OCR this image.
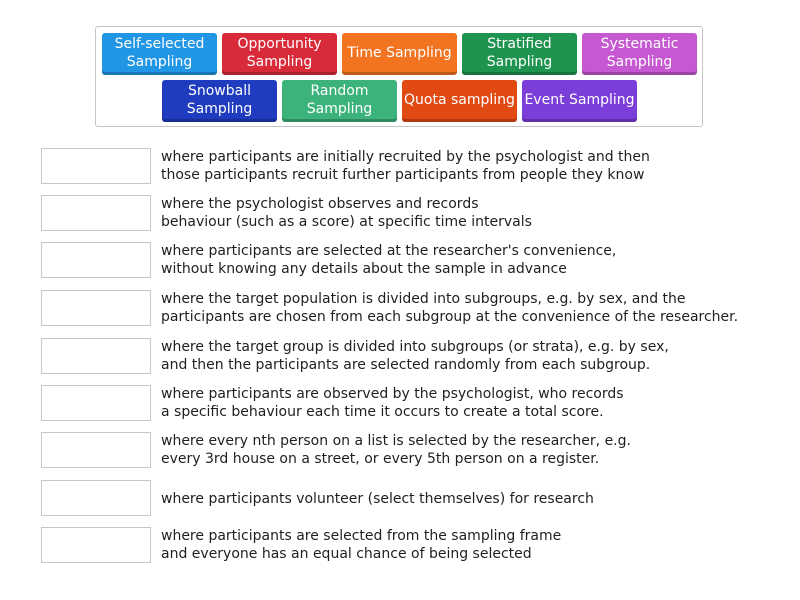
Self-selected Sampling
Opportunity Sampling
Time Sampling
Stratified Sampling
Systematic Sampling
Snowball Sampling
Random Sampling
Quota sampling Event Sampling
where participants are initially recruited by the psychologist and then
those participants recruit further participants from people they know
where the psychologist observes and records
behaviour (such as a score) at specific time intervals
where participants are selected at the researcher's convenience,
without knowing any details about the sample in advance
where the target population is divided into subgroups, e.g. by sex, and the
participants are chosen from each subgroup at the convenience of the researcher.
where the target group is divided into subgroups (or strata), e.g. by sex,
and then the participants are selected randomly from each subgroup.
where participants are observed by the psychologist, who records
a specific behaviour each time it occurs to create a total score.
where every nth person on a list is selected by the researcher, e.g.
every 3rd house on a street, or every 5th person on a register.
where participants volunteer (select themselves) for research
where participants are selected from the sampling frame
and everyone has an equal chance of being selected
